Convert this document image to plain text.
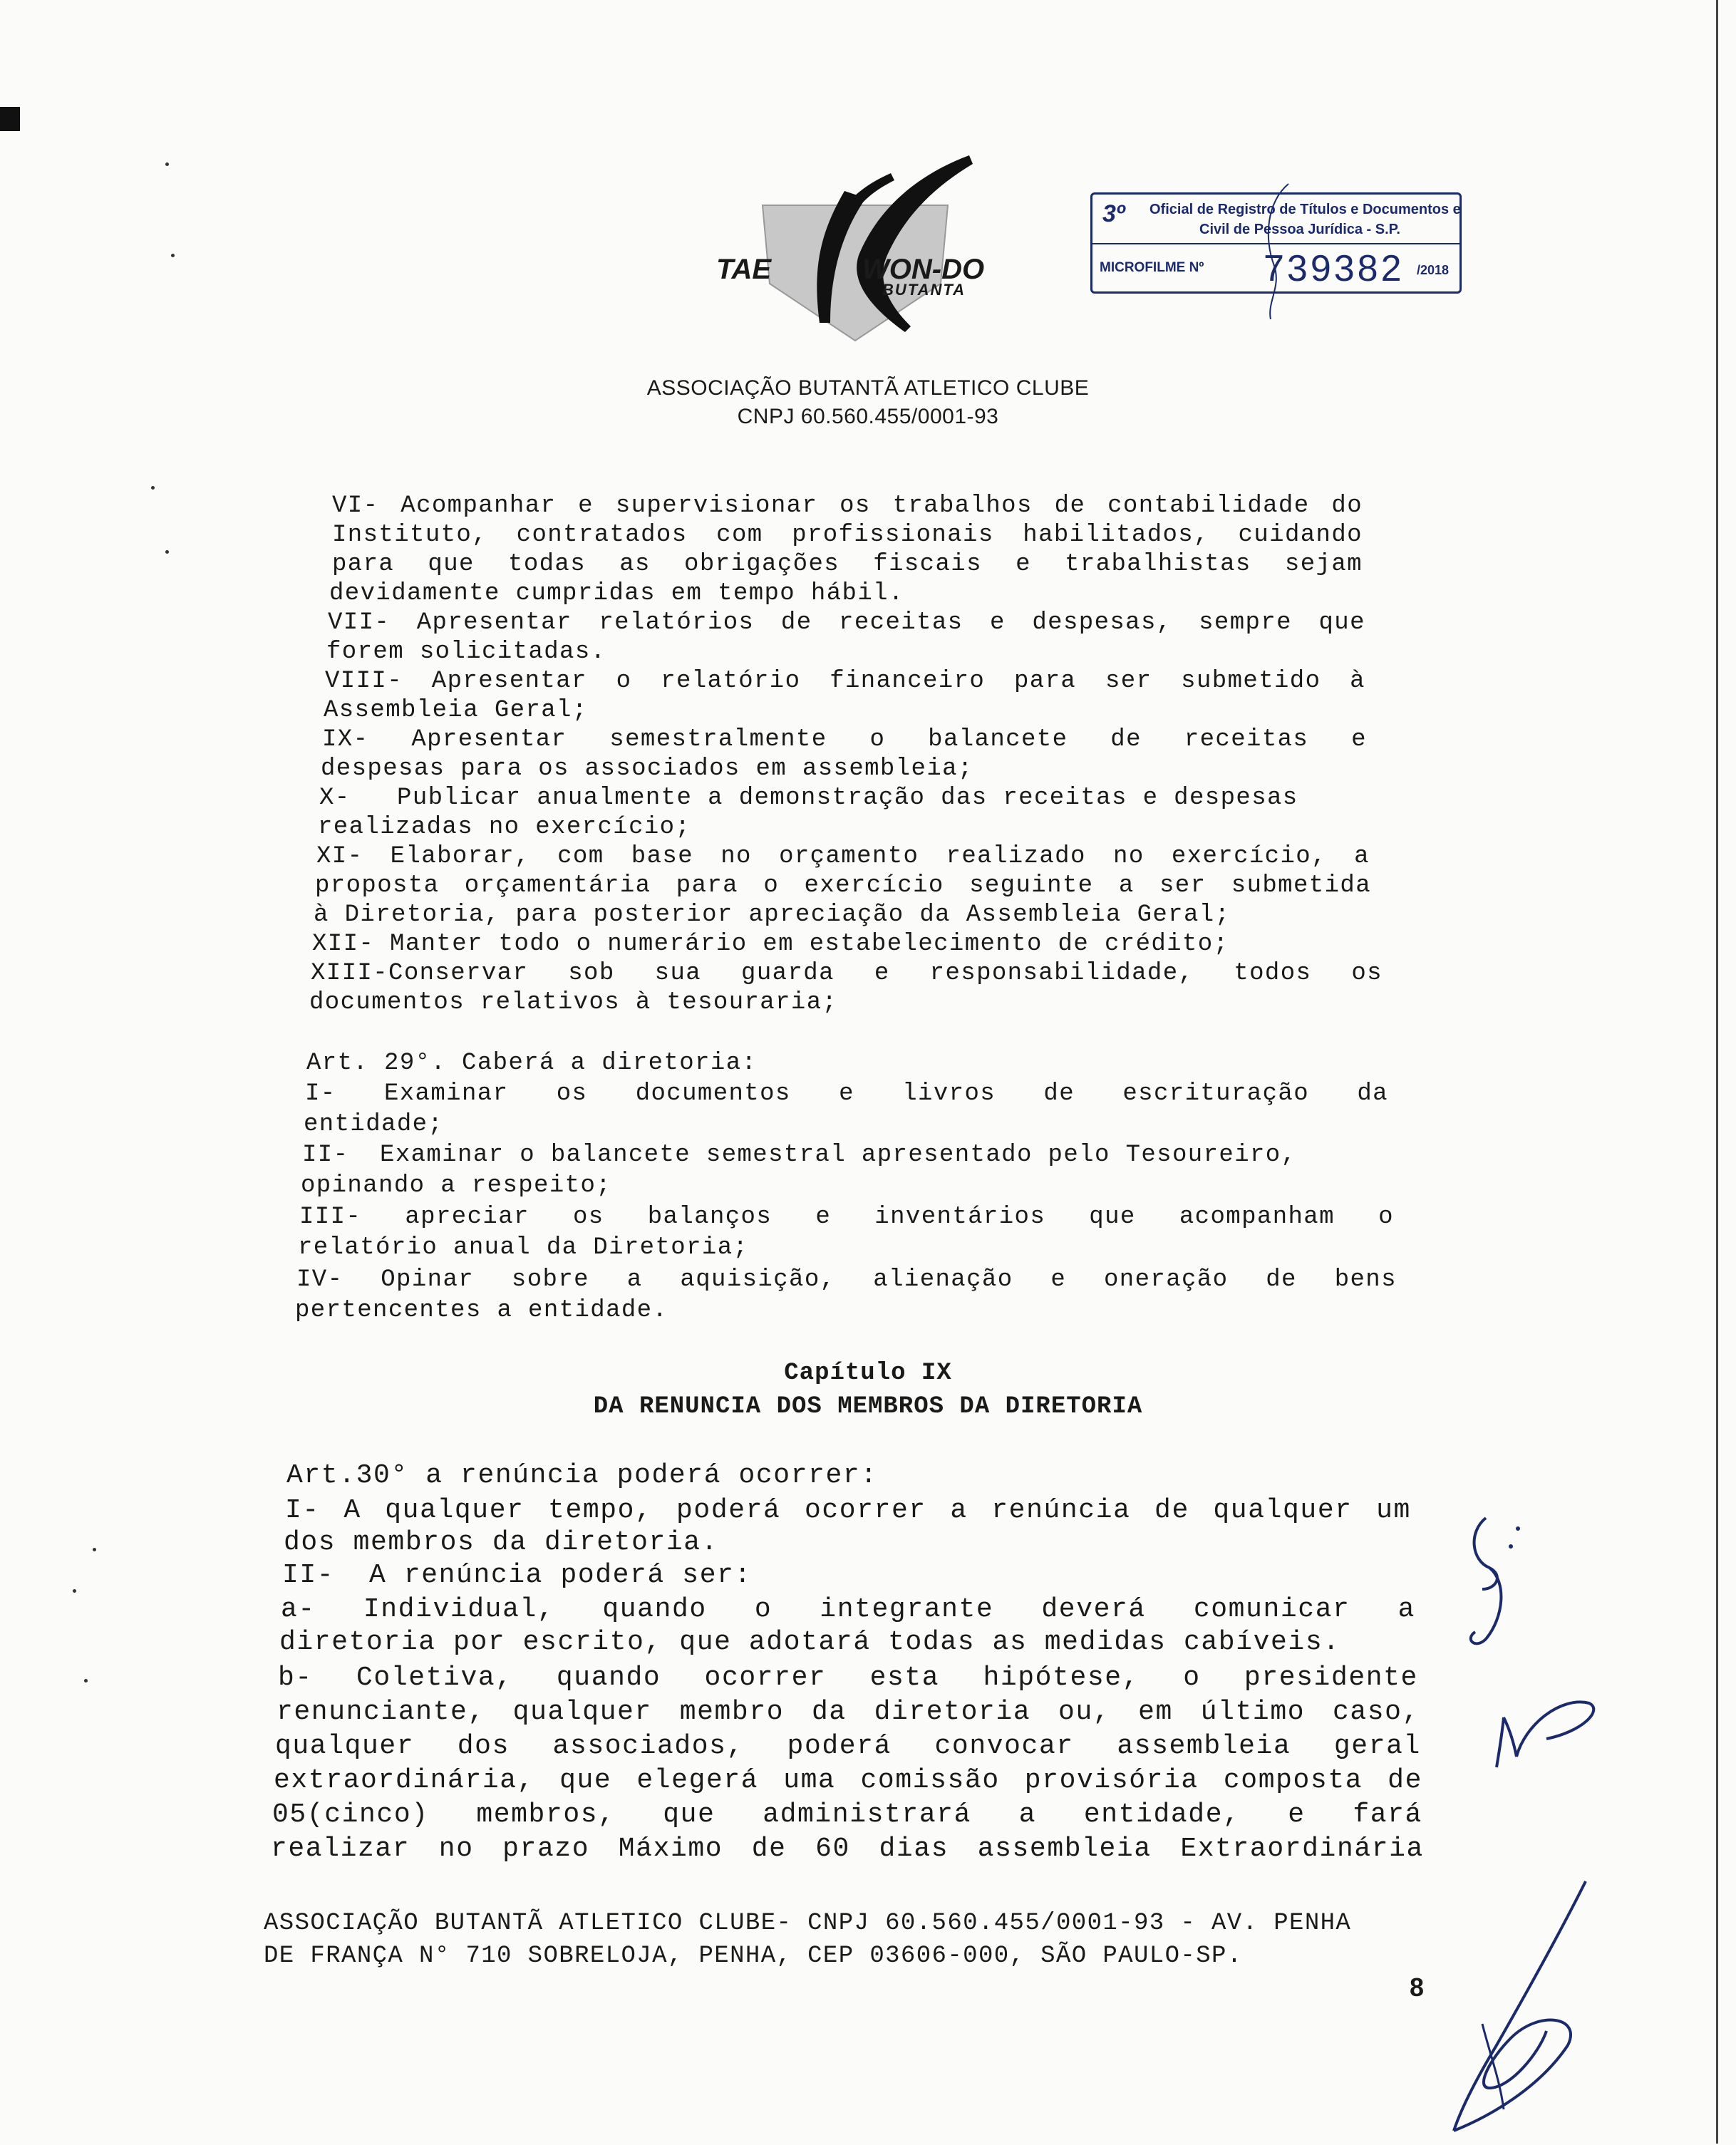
TAE	WON-DO
BUTANTA
3º Oficial de Registro de Títulos e Documentos e
Civil de Pessoa Jurídica - S.P.
MICROFILME Nº 739382 /2018
ASSOCIAÇÃO BUTANTÃ ATLETICO CLUBE
CNPJ 60.560.455/0001-93
VI- Acompanhar e supervisionar os trabalhos de contabilidade do
Instituto, contratados com profissionais habilitados, cuidando
para que todas as obrigações fiscais e trabalhistas sejam
devidamente cumpridas em tempo hábil.
VII- Apresentar relatórios de receitas e despesas, sempre que
forem solicitadas.
VIII- Apresentar o relatório financeiro para ser submetido à
Assembleia Geral;
IX- Apresentar semestralmente o balancete de receitas e
despesas para os associados em assembleia;
X-   Publicar anualmente a demonstração das receitas e despesas
realizadas no exercício;
XI- Elaborar, com base no orçamento realizado no exercício, a
proposta orçamentária para o exercício seguinte a ser submetida
à Diretoria, para posterior apreciação da Assembleia Geral;
XII- Manter todo o numerário em estabelecimento de crédito;
XIII-Conservar sob sua guarda e responsabilidade, todos os
documentos relativos à tesouraria;
Art. 29°. Caberá a diretoria:
I- Examinar os documentos e livros de escrituração da
entidade;
II-  Examinar o balancete semestral apresentado pelo Tesoureiro,
opinando a respeito;
III- apreciar os balanços e inventários que acompanham o
relatório anual da Diretoria;
IV- Opinar sobre a aquisição, alienação e oneração de bens
pertencentes a entidade.
Capítulo IX
DA RENUNCIA DOS MEMBROS DA DIRETORIA
Art.30° a renúncia poderá ocorrer:
I- A qualquer tempo, poderá ocorrer a renúncia de qualquer um
dos membros da diretoria.
II-  A renúncia poderá ser:
a- Individual, quando o integrante deverá comunicar a
diretoria por escrito, que adotará todas as medidas cabíveis.
b- Coletiva, quando ocorrer esta hipótese, o presidente
renunciante, qualquer membro da diretoria ou, em último caso,
qualquer dos associados, poderá convocar assembleia geral
extraordinária, que elegerá uma comissão provisória composta de
05(cinco) membros, que administrará a entidade, e fará
realizar no prazo Máximo de 60 dias assembleia Extraordinária
ASSOCIAÇÃO BUTANTÃ ATLETICO CLUBE- CNPJ 60.560.455/0001-93 - AV. PENHA
DE FRANÇA N° 710 SOBRELOJA, PENHA, CEP 03606-000, SÃO PAULO-SP.
8
